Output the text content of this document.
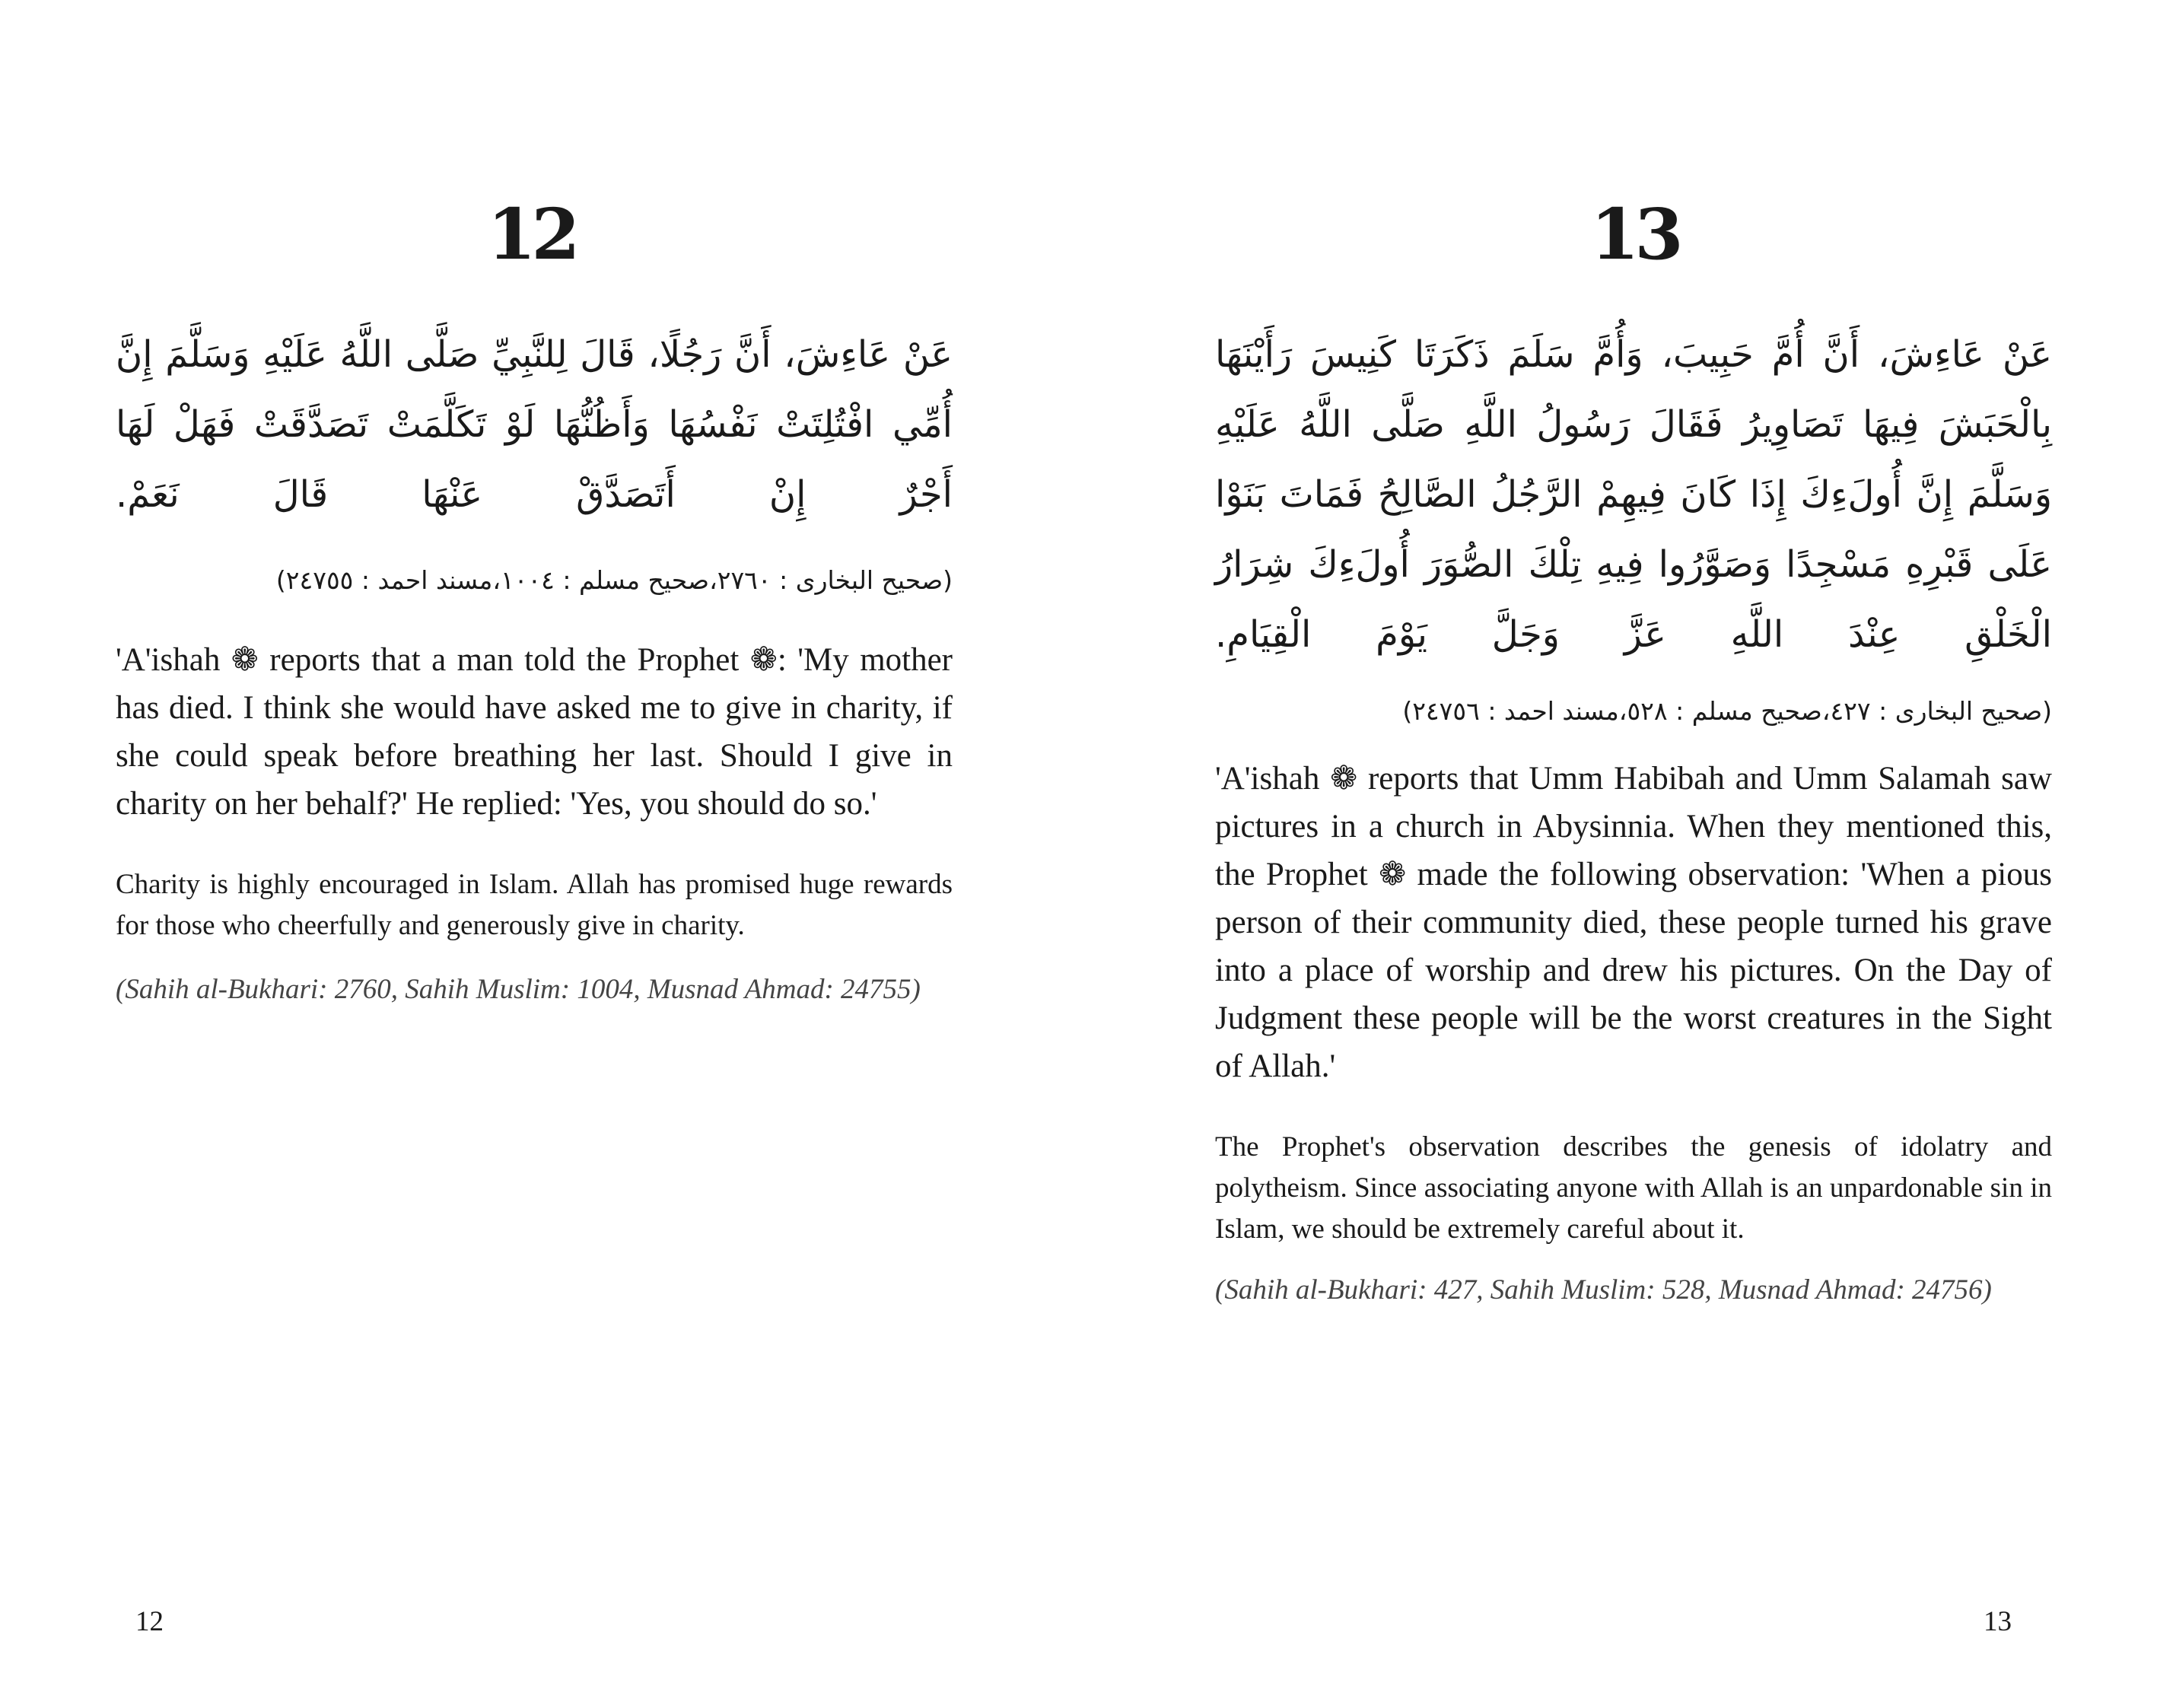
12

عَنْ عَاءِشَ، أَنَّ رَجُلًا، قَالَ لِلنَّبِيِّ صَلَّى اللَّهُ عَلَيْهِ وَسَلَّمَ إِنَّ أُمِّي افْتُلِتَتْ نَفْسُهَا وَأَظُنُّهَا لَوْ تَكَلَّمَتْ تَصَدَّقَتْ فَهَلْ لَهَا أَجْرٌ إِنْ أَتَصَدَّقْ عَنْهَا قَالَ نَعَمْ.

(صحيح البخارى : ٢٧٦٠،صحيح مسلم : ١٠٠٤،مسند احمد : ٢٤٧٥٥)

'A'ishah ❁ reports that a man told the Prophet ❁: 'My mother has died. I think she would have asked me to give in charity, if she could speak before breathing her last. Should I give in charity on her behalf?' He replied: 'Yes, you should do so.'

Charity is highly encouraged in Islam. Allah has promised huge rewards for those who cheerfully and generously give in charity.

(Sahih al-Bukhari: 2760, Sahih Muslim: 1004, Musnad Ahmad: 24755)

12
13

عَنْ عَاءِشَ، أَنَّ أُمَّ حَبِيبَ، وَأُمَّ سَلَمَ ذَكَرَتَا كَنِيسَ رَأَيْنَهَا بِالْحَبَشَ فِيهَا تَصَاوِيرُ فَقَالَ رَسُولُ اللَّهِ صَلَّى اللَّهُ عَلَيْهِ وَسَلَّمَ إِنَّ أُولَءِكَ إِذَا كَانَ فِيهِمْ الرَّجُلُ الصَّالِحُ فَمَاتَ بَنَوْا عَلَى قَبْرِهِ مَسْجِدًا وَصَوَّرُوا فِيهِ تِلْكَ الصُّوَرَ أُولَءِكَ شِرَارُ الْخَلْقِ عِنْدَ اللَّهِ عَزَّ وَجَلَّ يَوْمَ الْقِيَامِ.

(صحيح البخارى : ٤٢٧،صحيح مسلم : ٥٢٨،مسند احمد : ٢٤٧٥٦)

'A'ishah ❁ reports that Umm Habibah and Umm Salamah saw pictures in a church in Abysinnia. When they mentioned this, the Prophet ❁ made the following observation: 'When a pious person of their community died, these people turned his grave into a place of worship and drew his pictures. On the Day of Judgment these people will be the worst creatures in the Sight of Allah.'

The Prophet's observation describes the genesis of idolatry and polytheism. Since associating anyone with Allah is an unpardonable sin in Islam, we should be extremely careful about it.

(Sahih al-Bukhari: 427, Sahih Muslim: 528, Musnad Ahmad: 24756)

13
